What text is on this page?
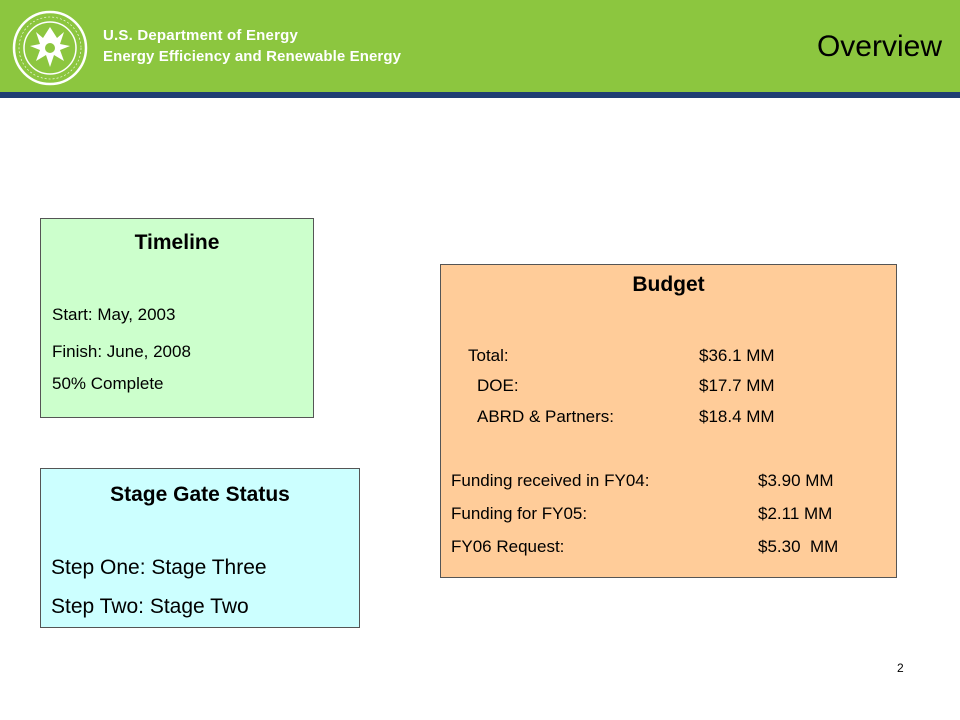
U.S. Department of Energy
Energy Efficiency and Renewable Energy	Overview
Timeline
Start: May, 2003
Finish: June, 2008
50% Complete
Stage Gate Status
Step One: Stage Three
Step Two: Stage Two
Budget
Total:	$36.1 MM
DOE:	$17.7 MM
ABRD & Partners:	$18.4 MM
Funding received in FY04:	$3.90 MM
Funding for FY05:	$2.11 MM
FY06 Request:	$5.30  MM
2
